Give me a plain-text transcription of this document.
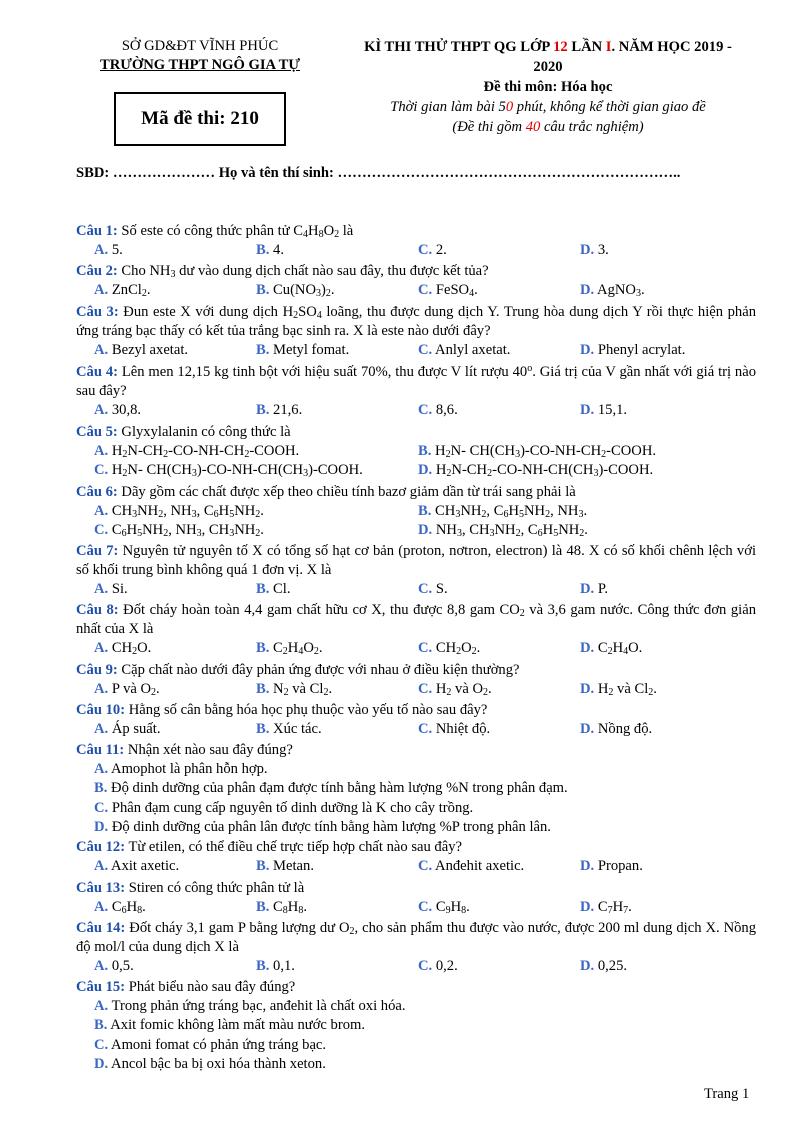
SỞ GD&ĐT VĨNH PHÚC
TRƯỜNG THPT NGÔ GIA TỰ
Mã đề thi: 210
KÌ THI THỬ THPT QG LỚP 12 LẦN I. NĂM HỌC 2019 -
2020
Đề thi môn: Hóa học
Thời gian làm bài 50 phút, không kể thời gian giao đề
(Đề thi gồm 40 câu trắc nghiệm)
SBD: ………………… Họ và tên thí sinh: ……………………………………………………………..
Câu 1: Số este có công thức phân tử $C_4H_8O_2$ là
A. 5.	B. 4.	C. 2.	D. 3.
Câu 2: Cho $NH_3$ dư vào dung dịch chất nào sau đây, thu được kết tủa?
A. ZnCl$_2$.	B. $Cu(NO_3)_2$.	C. FeSO$_4$.	D. AgNO$_3$.
Câu 3: Đun este X với dung dịch $H_2SO_4$ loãng, thu được dung dịch Y. Trung hòa dung dịch Y rồi thực hiện phản ứng tráng bạc thấy có kết tủa trắng bạc sinh ra. X là este nào dưới đây?
A. Bezyl axetat.	B. Metyl fomat.	C. Anlyl axetat.	D. Phenyl acrylat.
Câu 4: Lên men 12,15 kg tinh bột với hiệu suất 70%, thu được V lít rượu 40$^o$. Giá trị của V gần nhất với giá trị nào sau đây?
A. 30,8.	B. 21,6.	C. 8,6.	D. 15,1.
Câu 5: Glyxylalanin có công thức là
A. $H_2N-CH_2-CO-NH-CH_2$-COOH.	B. $H_2N-$ $CH(CH_3)-CO-NH-CH_2$-COOH.
C. $H_2N-$ $CH(CH_3)-CO-NH-CH(CH_3)$-COOH.	D. $H_2N-CH_2-CO-NH-CH(CH_3)$-COOH.
Câu 6: Dãy gồm các chất được xếp theo chiều tính bazơ giảm dần từ trái sang phải là
A. $CH_3NH_2$, $NH_3$, $C_6H_5NH_2$.	B. $CH_3NH_2$, $C_6H_5NH_2$, $NH_3$.
C. $C_6H_5NH_2$, $NH_3$, $CH_3NH_2$.	D. $NH_3$, $CH_3NH_2$, $C_6H_5NH_2$.
Câu 7: Nguyên tử nguyên tố X có tổng số hạt cơ bản (proton, nơtron, electron) là 48. X có số khối chênh lệch với số khối trung bình không quá 1 đơn vị. X là
A. Si.	B. Cl.	C. S.	D. P.
Câu 8: Đốt cháy hoàn toàn 4,4 gam chất hữu cơ X, thu được 8,8 gam $CO_2$ và 3,6 gam nước. Công thức đơn giản nhất của X là
A. $CH_2O$.	B. $C_2H_4O_2$.	C. $CH_2O_2$.	D. $C_2H_4O$.
Câu 9: Cặp chất nào dưới đây phản ứng được với nhau ở điều kiện thường?
A. P và $O_2$.	B. $N_2$ và $Cl_2$.	C. $H_2$ và $O_2$.	D. $H_2$ và $Cl_2$.
Câu 10: Hằng số cân bằng hóa học phụ thuộc vào yếu tố nào sau đây?
A. Áp suất.	B. Xúc tác.	C. Nhiệt độ.	D. Nồng độ.
Câu 11: Nhận xét nào sau đây đúng?
A. Amophot là phân hỗn hợp.
B. Độ dinh dưỡng của phân đạm được tính bằng hàm lượng %N trong phân đạm.
C. Phân đạm cung cấp nguyên tố dinh dưỡng là K cho cây trồng.
D. Độ dinh dưỡng của phân lân được tính bằng hàm lượng %P trong phân lân.
Câu 12: Từ etilen, có thể điều chế trực tiếp hợp chất nào sau đây?
A. Axit axetic.	B. Metan.	C. Anđehit axetic.	D. Propan.
Câu 13: Stiren có công thức phân tử là
A. $C_6H_8$.	B. $C_8H_8$.	C. $C_9H_8$.	D. $C_7H_7$.
Câu 14: Đốt cháy 3,1 gam P bằng lượng dư $O_2$, cho sản phẩm thu được vào nước, được 200 ml dung dịch X. Nồng độ mol/l của dung dịch X là
A. 0,5.	B. 0,1.	C. 0,2.	D. 0,25.
Câu 15: Phát biểu nào sau đây đúng?
A. Trong phản ứng tráng bạc, anđehit là chất oxi hóa.
B. Axit fomic không làm mất màu nước brom.
C. Amoni fomat có phản ứng tráng bạc.
D. Ancol bậc ba bị oxi hóa thành xeton.
Trang 1
